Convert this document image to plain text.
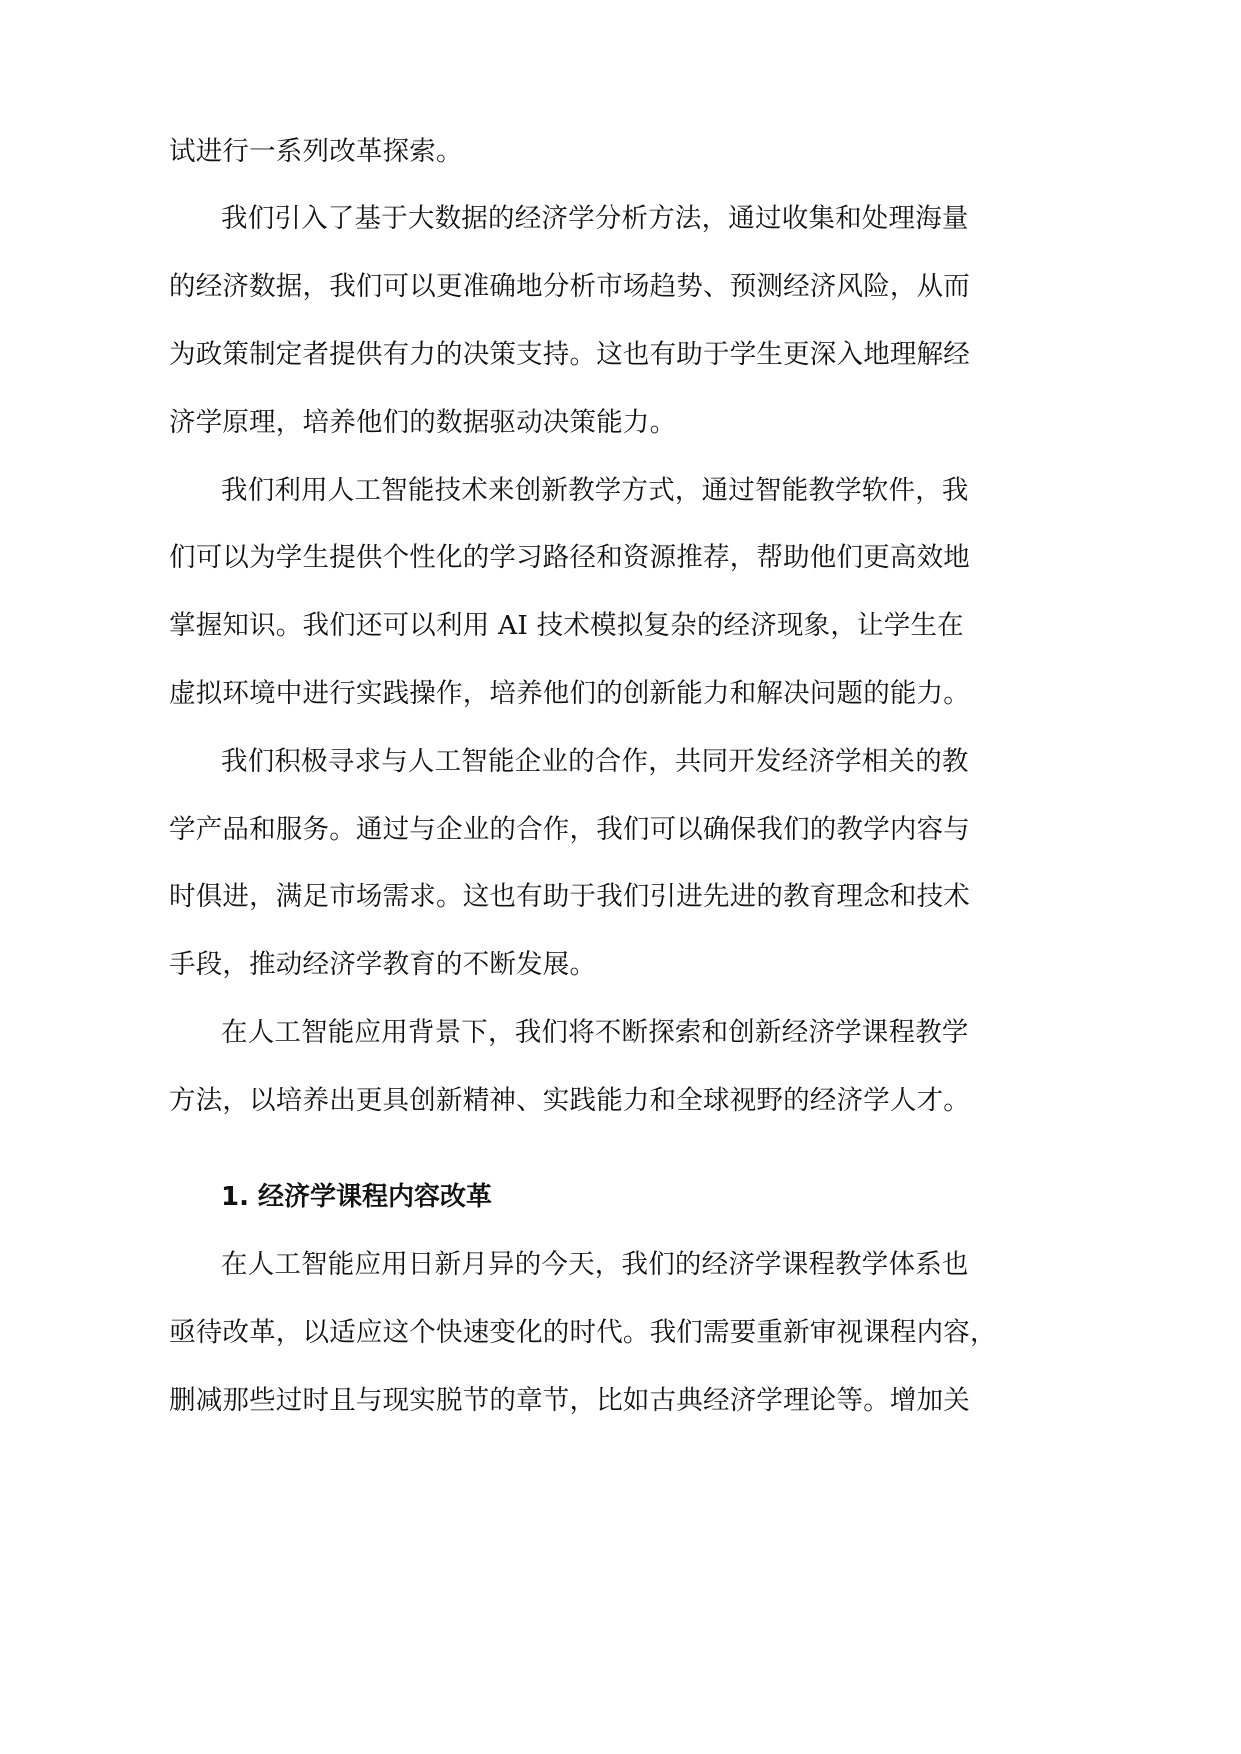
试进行一系列改革探索。
我们引入了基于大数据的经济学分析方法，通过收集和处理海量
的经济数据，我们可以更准确地分析市场趋势、预测经济风险，从而
为政策制定者提供有力的决策支持。这也有助于学生更深入地理解经
济学原理，培养他们的数据驱动决策能力。
我们利用人工智能技术来创新教学方式，通过智能教学软件，我
们可以为学生提供个性化的学习路径和资源推荐，帮助他们更高效地
掌握知识。我们还可以利用 AI 技术模拟复杂的经济现象，让学生在
虚拟环境中进行实践操作，培养他们的创新能力和解决问题的能力。
我们积极寻求与人工智能企业的合作，共同开发经济学相关的教
学产品和服务。通过与企业的合作，我们可以确保我们的教学内容与
时俱进，满足市场需求。这也有助于我们引进先进的教育理念和技术
手段，推动经济学教育的不断发展。
在人工智能应用背景下，我们将不断探索和创新经济学课程教学
方法，以培养出更具创新精神、实践能力和全球视野的经济学人才。
1. 经济学课程内容改革
在人工智能应用日新月异的今天，我们的经济学课程教学体系也
亟待改革，以适应这个快速变化的时代。我们需要重新审视课程内容，
删减那些过时且与现实脱节的章节，比如古典经济学理论等。增加关
